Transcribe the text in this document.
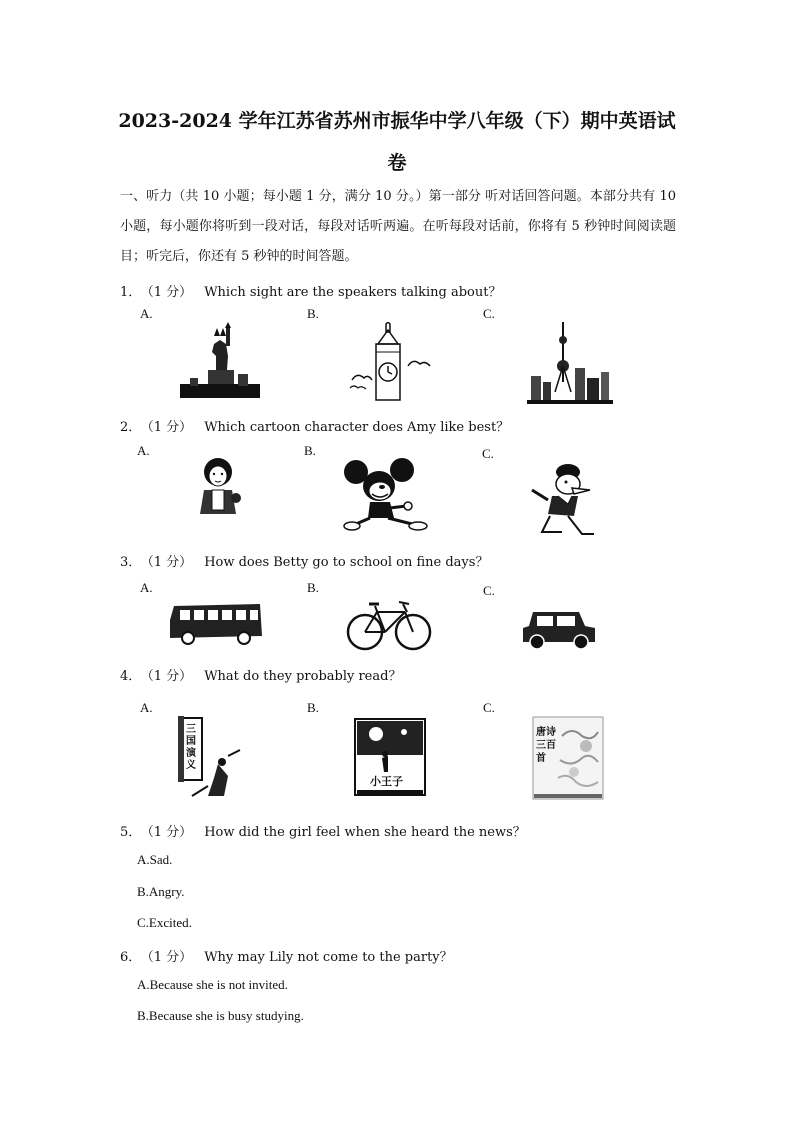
2023-2024 学年江苏省苏州市振华中学八年级（下）期中英语试
卷
一、听力（共 10 小题；每小题 1 分，满分 10 分。）第一部分 听对话回答问题。本部分共有 10 小题，每小题你将听到一段对话，每段对话听两遍。在听每段对话前，你将有 5 秒钟时间阅读题目；听完后，你还有 5 秒钟的时间答题。
1． （1 分） Which sight are the speakers talking about？
A.	B.	C.
2． （1 分） Which cartoon character does Amy like best？
A.	B.	C.
3． （1 分） How does Betty go to school on fine days？
A.	B.	C.
4． （1 分） What do they probably read？
A.	B.	C.
三国演义
小王子
唐诗三百首
5． （1 分） How did the girl feel when she heard the news？
A.Sad.
B.Angry.
C.Excited.
6． （1 分） Why may Lily not come to the party？
A.Because she is not invited.
B.Because she is busy studying.
